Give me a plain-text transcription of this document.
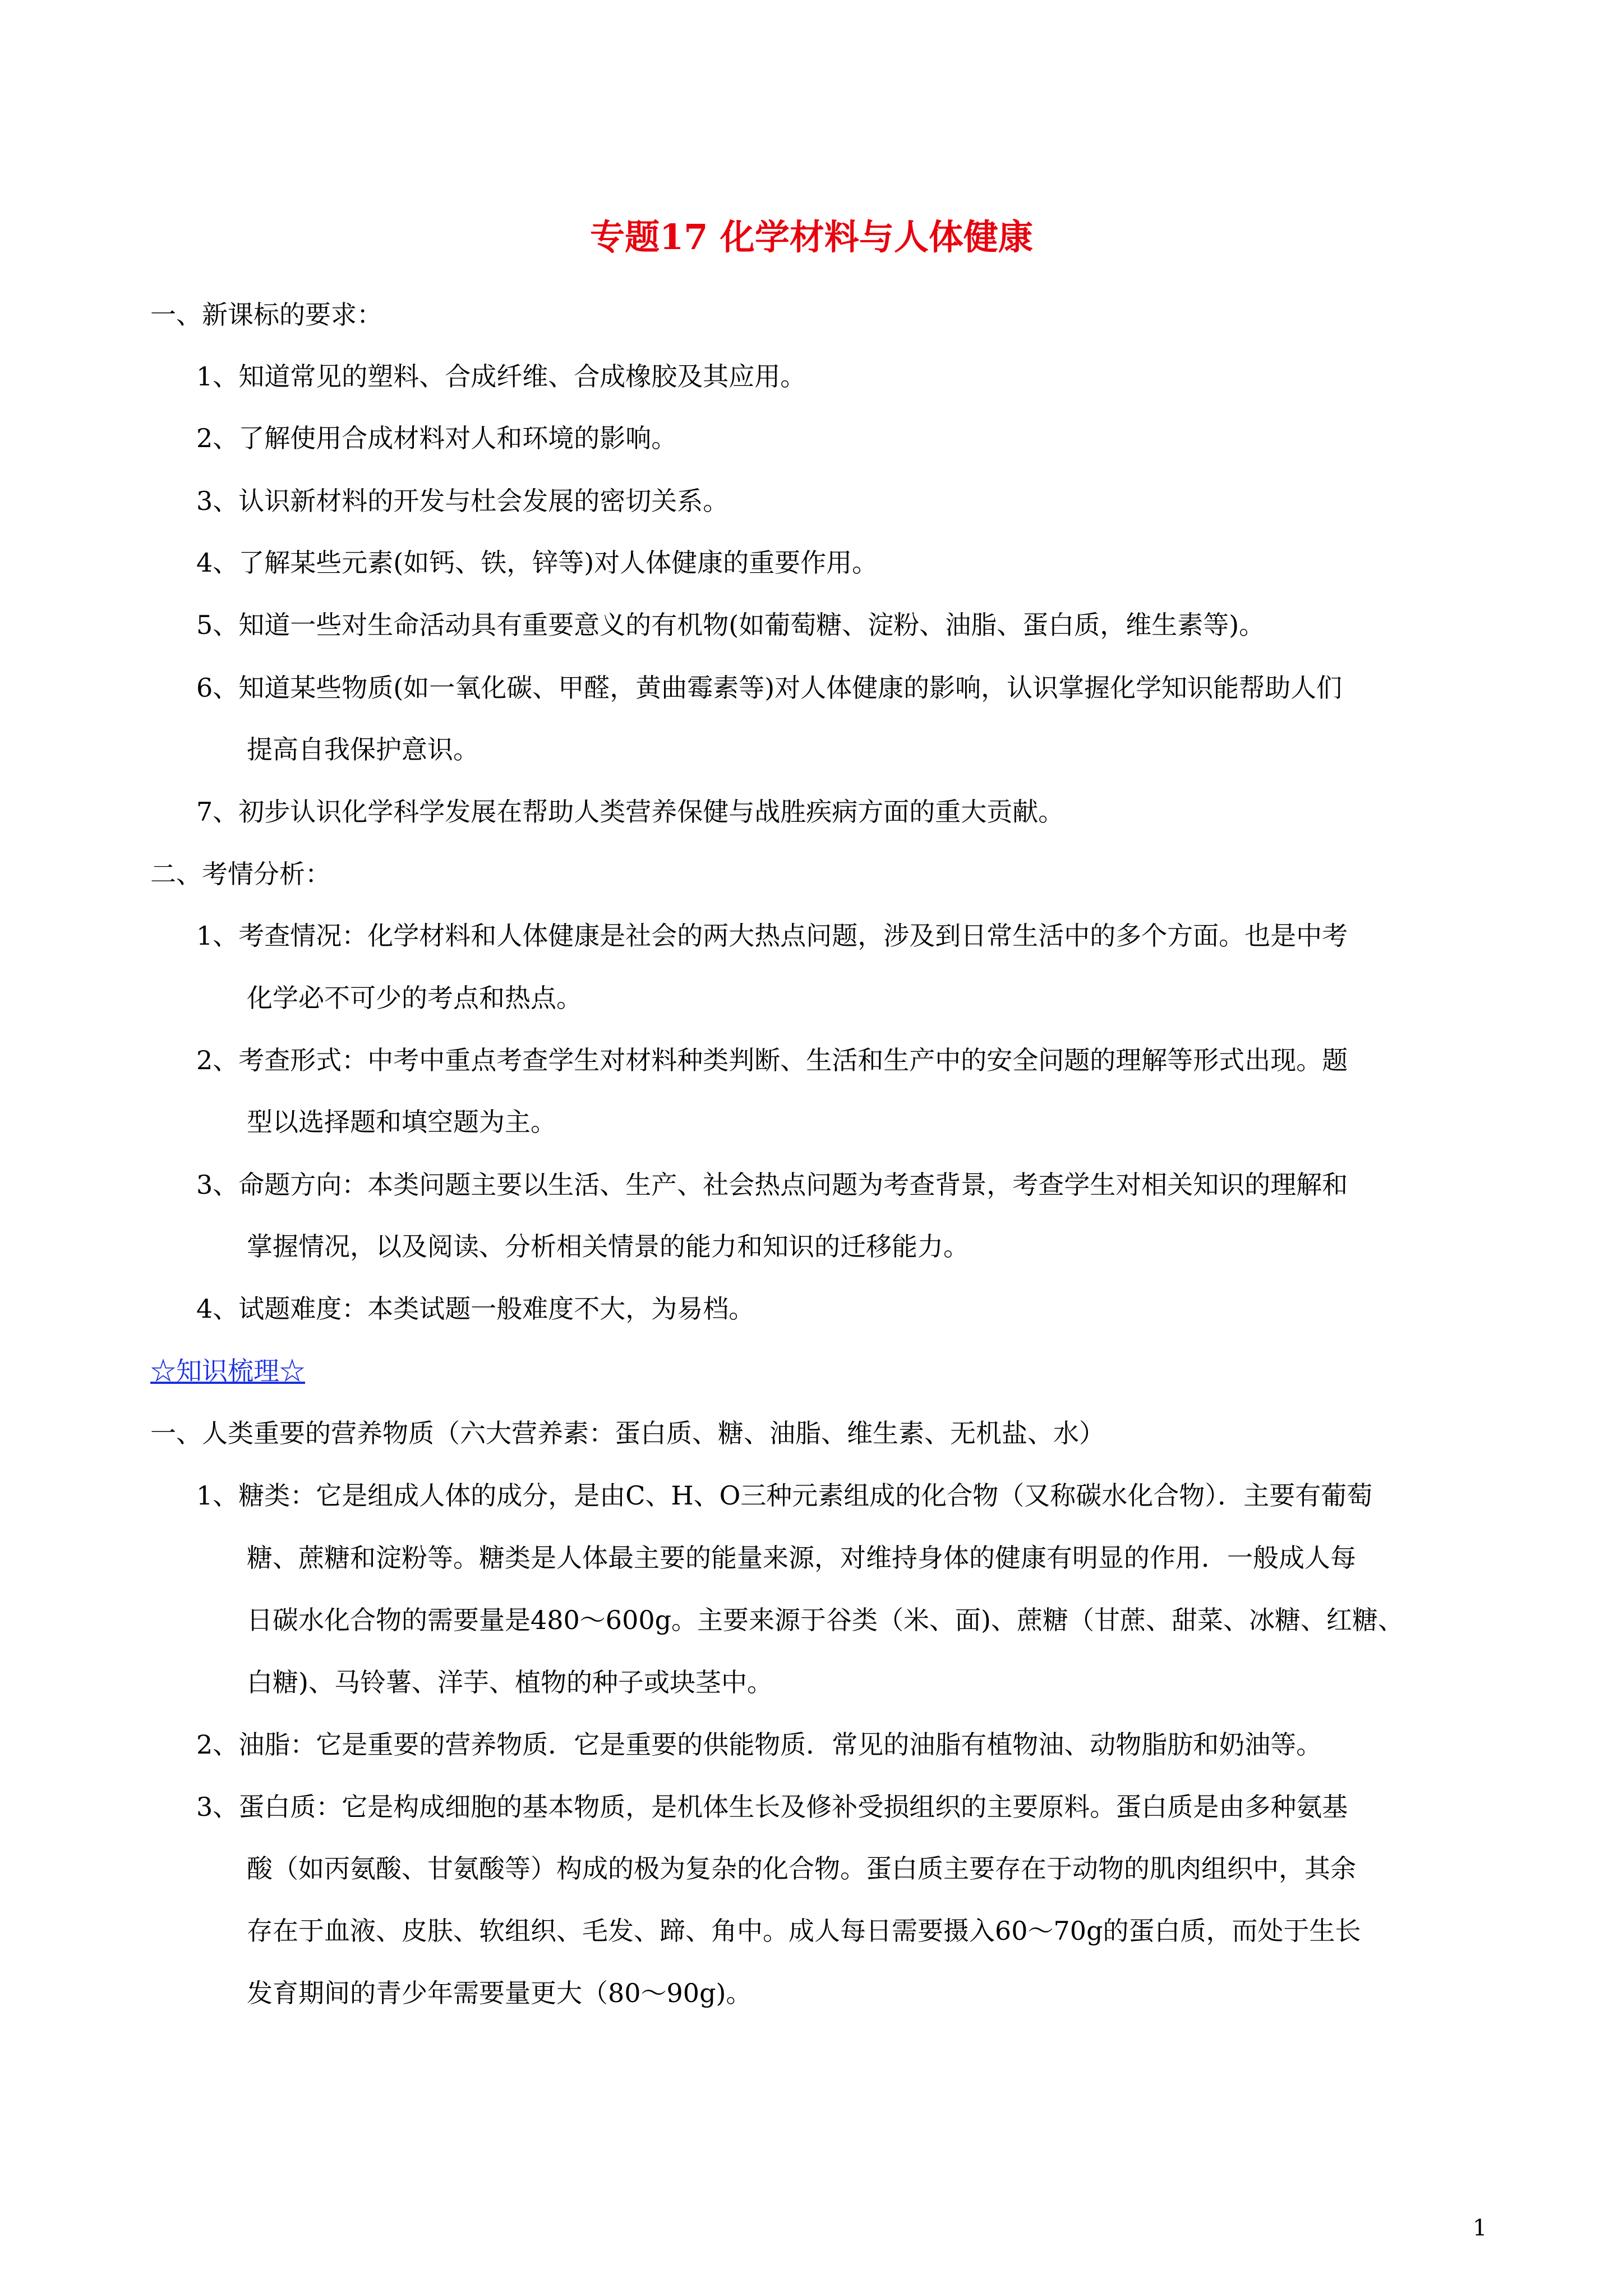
专题17 化学材料与人体健康
一、新课标的要求：
1、知道常见的塑料、合成纤维、合成橡胶及其应用。
2、了解使用合成材料对人和环境的影响。
3、认识新材料的开发与杜会发展的密切关系。
4、了解某些元素(如钙、铁，锌等)对人体健康的重要作用。
5、知道一些对生命活动具有重要意义的有机物(如葡萄糖、淀粉、油脂、蛋白质，维生素等)。
6、知道某些物质(如一氧化碳、甲醛，黄曲霉素等)对人体健康的影响，认识掌握化学知识能帮助人们
提高自我保护意识。
7、初步认识化学科学发展在帮助人类营养保健与战胜疾病方面的重大贡献。
二、考情分析：
1、考查情况：化学材料和人体健康是社会的两大热点问题，涉及到日常生活中的多个方面。也是中考
化学必不可少的考点和热点。
2、考查形式：中考中重点考查学生对材料种类判断、生活和生产中的安全问题的理解等形式出现。题
型以选择题和填空题为主。
3、命题方向：本类问题主要以生活、生产、社会热点问题为考查背景，考查学生对相关知识的理解和
掌握情况，以及阅读、分析相关情景的能力和知识的迁移能力。
4、试题难度：本类试题一般难度不大，为易档。
☆知识梳理☆
一、人类重要的营养物质（六大营养素：蛋白质、糖、油脂、维生素、无机盐、水）
1、糖类：它是组成人体的成分，是由C、H、O三种元素组成的化合物（又称碳水化合物）．主要有葡萄
糖、蔗糖和淀粉等。糖类是人体最主要的能量来源，对维持身体的健康有明显的作用．一般成人每
日碳水化合物的需要量是480～600g。主要来源于谷类（米、面)、蔗糖（甘蔗、甜菜、冰糖、红糖、
白糖)、马铃薯、洋芋、植物的种子或块茎中。
2、油脂：它是重要的营养物质．它是重要的供能物质．常见的油脂有植物油、动物脂肪和奶油等。
3、蛋白质：它是构成细胞的基本物质，是机体生长及修补受损组织的主要原料。蛋白质是由多种氨基
酸（如丙氨酸、甘氨酸等）构成的极为复杂的化合物。蛋白质主要存在于动物的肌肉组织中，其余
存在于血液、皮肤、软组织、毛发、蹄、角中。成人每日需要摄入60～70g的蛋白质，而处于生长
发育期间的青少年需要量更大（80～90g)。
1
